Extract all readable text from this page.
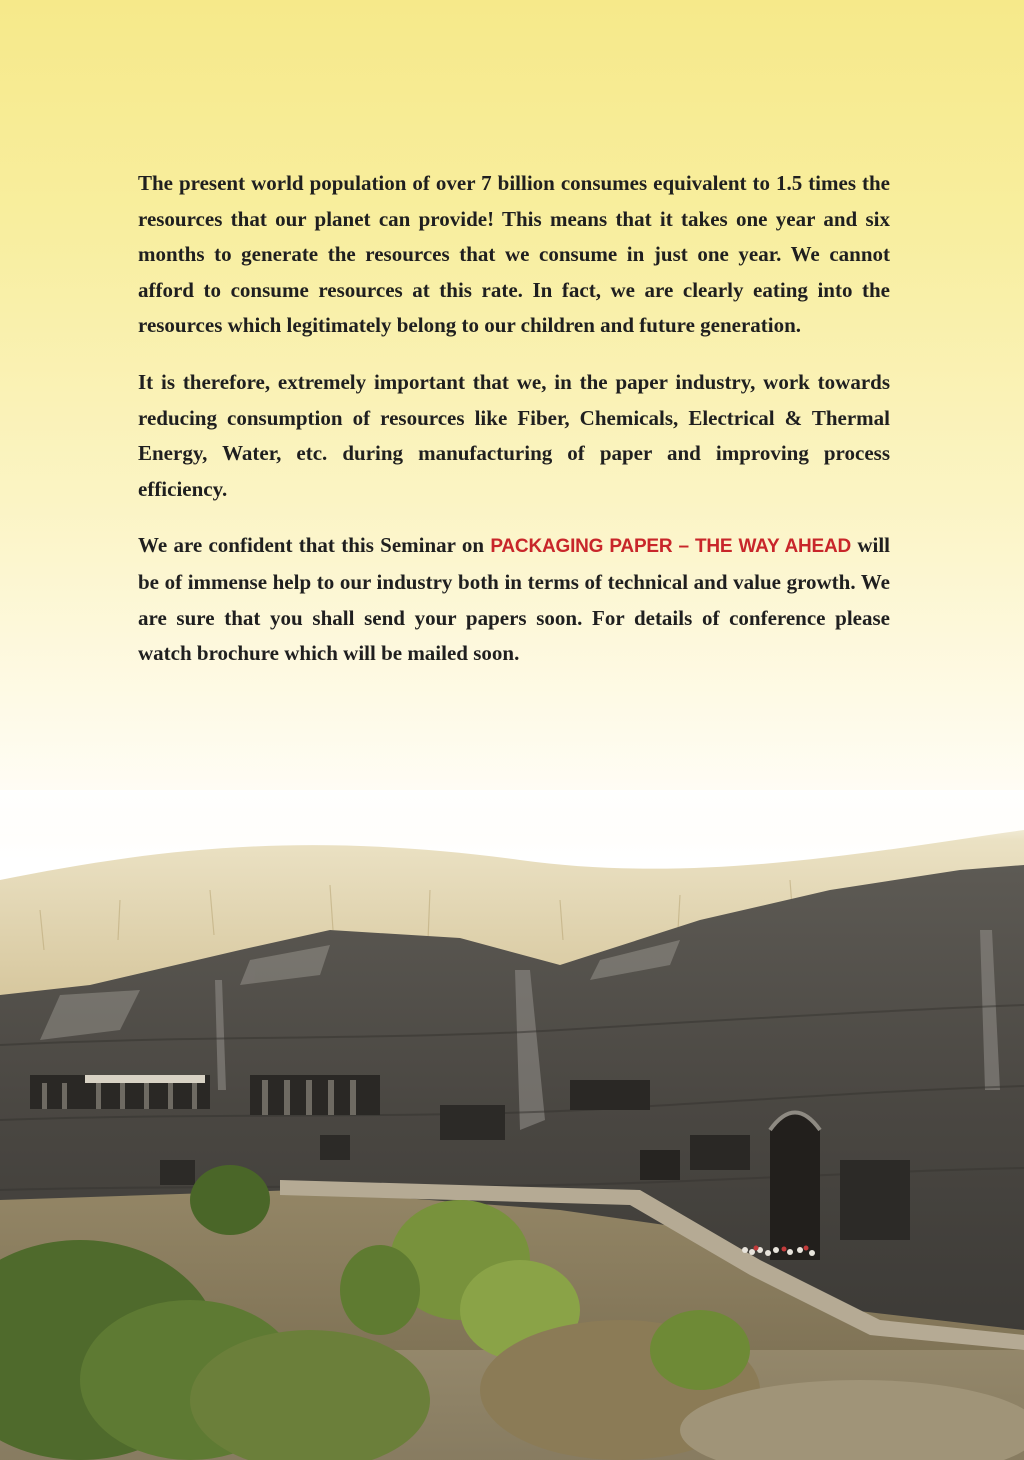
The present world population of over 7 billion consumes equivalent to 1.5 times the resources that our planet can provide! This means that it takes one year and six months to generate the resources that we consume in just one year. We cannot afford to consume resources at this rate. In fact, we are clearly eating into the resources which legitimately belong to our children and future generation.

It is therefore, extremely important that we, in the paper industry, work towards reducing consumption of resources like Fiber, Chemicals, Electrical & Thermal Energy, Water, etc. during manufacturing of paper and improving process efficiency.

We are confident that this Seminar on PACKAGING PAPER – THE WAY AHEAD will be of immense help to our industry both in terms of technical and value growth. We are sure that you shall send your papers soon. For details of conference please watch brochure which will be mailed soon.
